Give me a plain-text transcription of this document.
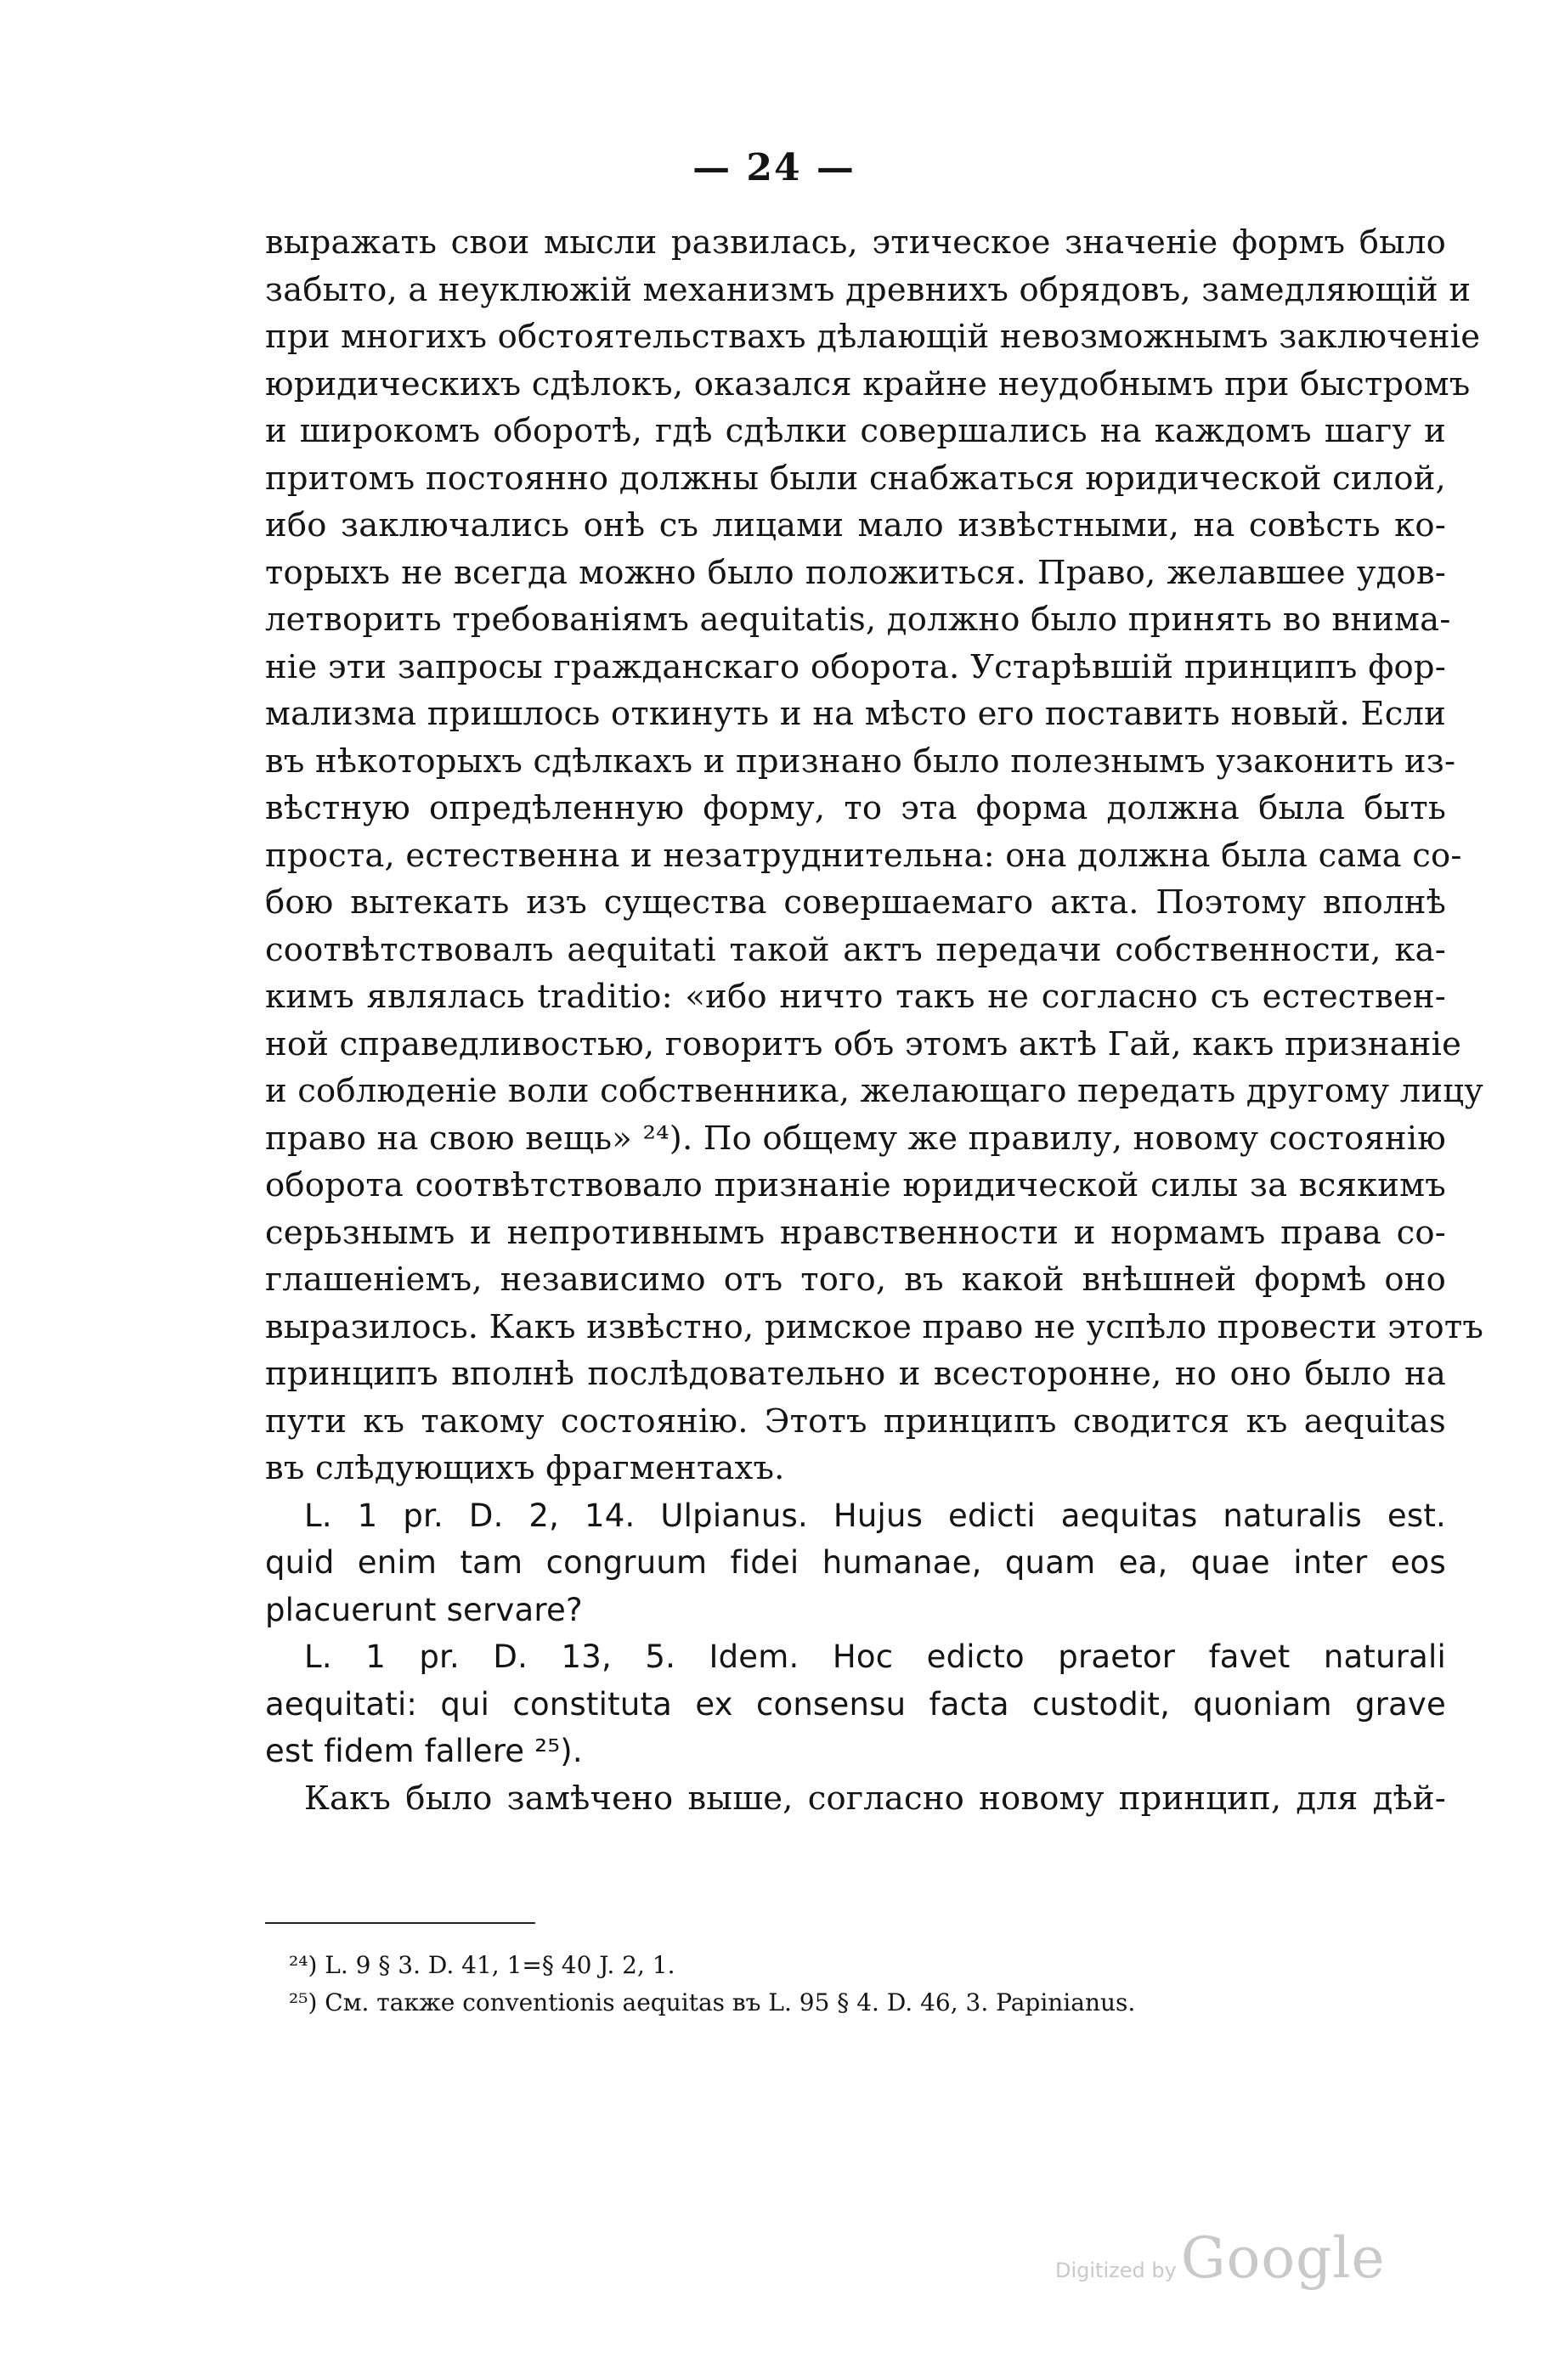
— 24 —
выражать свои мысли развилась, этическое значеніе формъ было
забыто, а неуклюжій механизмъ древнихъ обрядовъ, замедляющій и
при многихъ обстоятельствахъ дѣлающій невозможнымъ заключеніе
юридическихъ сдѣлокъ, оказался крайне неудобнымъ при быстромъ
и широкомъ оборотѣ, гдѣ сдѣлки совершались на каждомъ шагу и
притомъ постоянно должны были снабжаться юридической силой,
ибо заключались онѣ съ лицами мало извѣстными, на совѣсть ко-
торыхъ не всегда можно было положиться. Право, желавшее удов-
летворить требованіямъ aequitatis, должно было принять во внима-
ніе эти запросы гражданскаго оборота. Устарѣвшій принципъ фор-
мализма пришлось откинуть и на мѣсто его поставить новый. Если
въ нѣкоторыхъ сдѣлкахъ и признано было полезнымъ узаконить из-
вѣстную опредѣленную форму, то эта форма должна была быть
проста, естественна и незатруднительна: она должна была сама со-
бою вытекать изъ существа совершаемаго акта. Поэтому вполнѣ
соотвѣтствовалъ aequitati такой актъ передачи собственности, ка-
кимъ являлась traditio: «ибо ничто такъ не согласно съ естествен-
ной справедливостью, говоритъ объ этомъ актѣ Гай, какъ признаніе
и соблюденіе воли собственника, желающаго передать другому лицу
право на свою вещь» ²⁴). По общему же правилу, новому состоянію
оборота соотвѣтствовало признаніе юридической силы за всякимъ
серьзнымъ и непротивнымъ нравственности и нормамъ права со-
глашеніемъ, независимо отъ того, въ какой внѣшней формѣ оно
выразилось. Какъ извѣстно, римское право не успѣло провести этотъ
принципъ вполнѣ послѣдовательно и всесторонне, но оно было на
пути къ такому состоянію. Этотъ принципъ сводится къ aequitas
въ слѣдующихъ фрагментахъ.
L. 1 pr. D. 2, 14. Ulpianus. Hujus edicti aequitas naturalis est.
quid enim tam congruum fidei humanae, quam ea, quae inter eos
placuerunt servare?
L. 1 pr. D. 13, 5. Idem. Hoc edicto praetor favet naturali
aequitati: qui constituta ex consensu facta custodit, quoniam grave
est fidem fallere ²⁵).
Какъ было замѣчено выше, согласно новому принцип, для дѣй-
²⁴) L. 9 § 3. D. 41, 1=§ 40 J. 2, 1.
²⁵) См. также conventionis aequitas въ L. 95 § 4. D. 46, 3. Papinianus.
Digitized by Google
